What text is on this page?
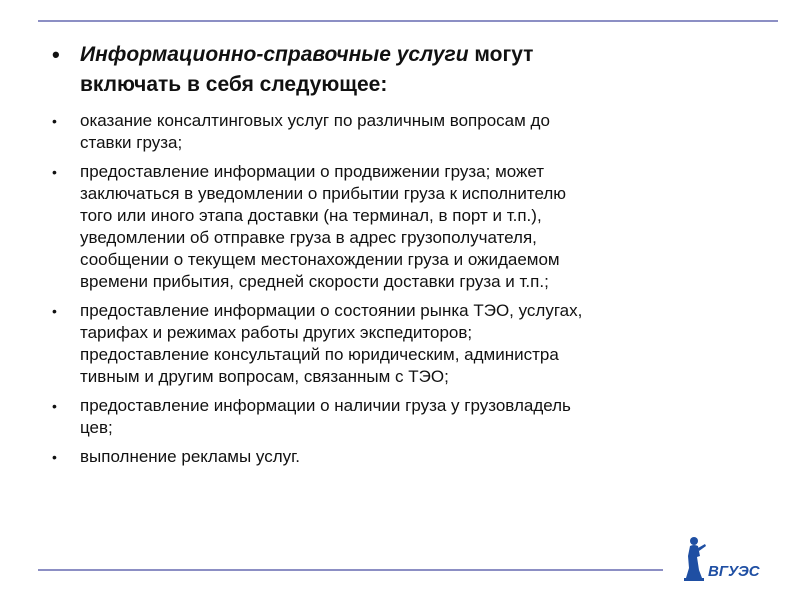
• Информационно-справочные услуги могут
включать в себя следующее:
•	оказание консалтинговых услуг по различным вопросам до
ставки груза;
•	предоставление информации о продвижении груза; может
заключаться в уведомлении о прибытии груза к исполнителю
того или иного этапа доставки (на терминал, в порт и т.п.),
уведомлении об отправке груза в адрес грузополучателя,
сообщении о текущем местонахождении груза и ожидаемом
времени прибытия, средней скорости доставки груза и т.п.;
•	предоставление информации о состоянии рынка ТЭО, услугах,
тарифах и режимах работы других экспедиторов;
предоставление консультаций по юридическим, администра
тивным и другим вопросам, связанным с ТЭО;
•	предоставление информации о наличии груза у грузовладель
цев;
•	выполнение рекламы услуг.
ВГУЭС
